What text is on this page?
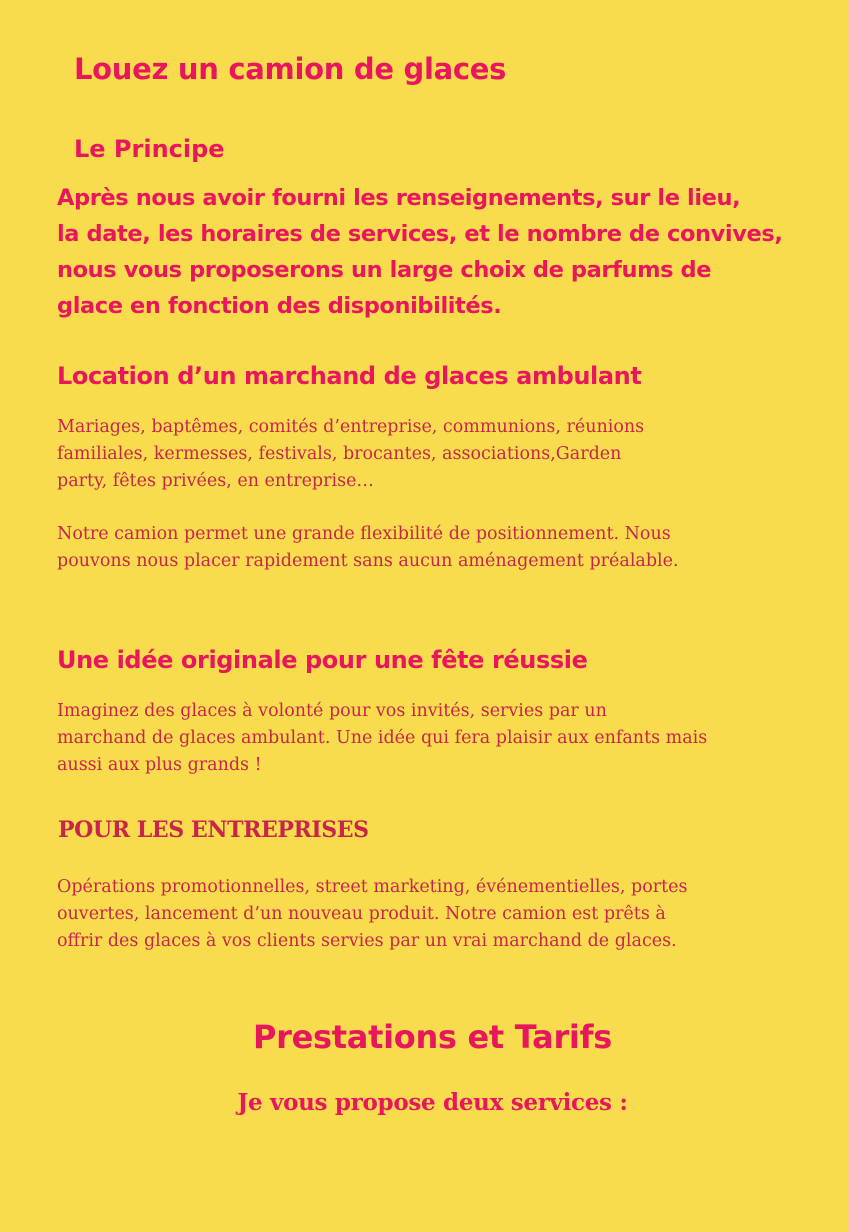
Louez un camion de glaces
Le Principe

Après nous avoir fourni les renseignements, sur le lieu,
la date, les horaires de services, et le nombre de convives,
nous vous proposerons un large choix de parfums de
glace en fonction des disponibilités.

Location d’un marchand de glaces ambulant

Mariages, baptêmes, comités d’entreprise, communions, réunions
familiales, kermesses, festivals, brocantes, associations,Garden
party, fêtes privées, en entreprise…

Notre camion permet une grande flexibilité de positionnement. Nous
pouvons nous placer rapidement sans aucun aménagement préalable.

Une idée originale pour une fête réussie

Imaginez des glaces à volonté pour vos invités, servies par un
marchand de glaces ambulant. Une idée qui fera plaisir aux enfants mais
aussi aux plus grands !

POUR LES ENTREPRISES

Opérations promotionnelles, street marketing, événementielles, portes
ouvertes, lancement d’un nouveau produit. Notre camion est prêts à
offrir des glaces à vos clients servies par un vrai marchand de glaces.

Prestations et Tarifs
Je vous propose deux services :
